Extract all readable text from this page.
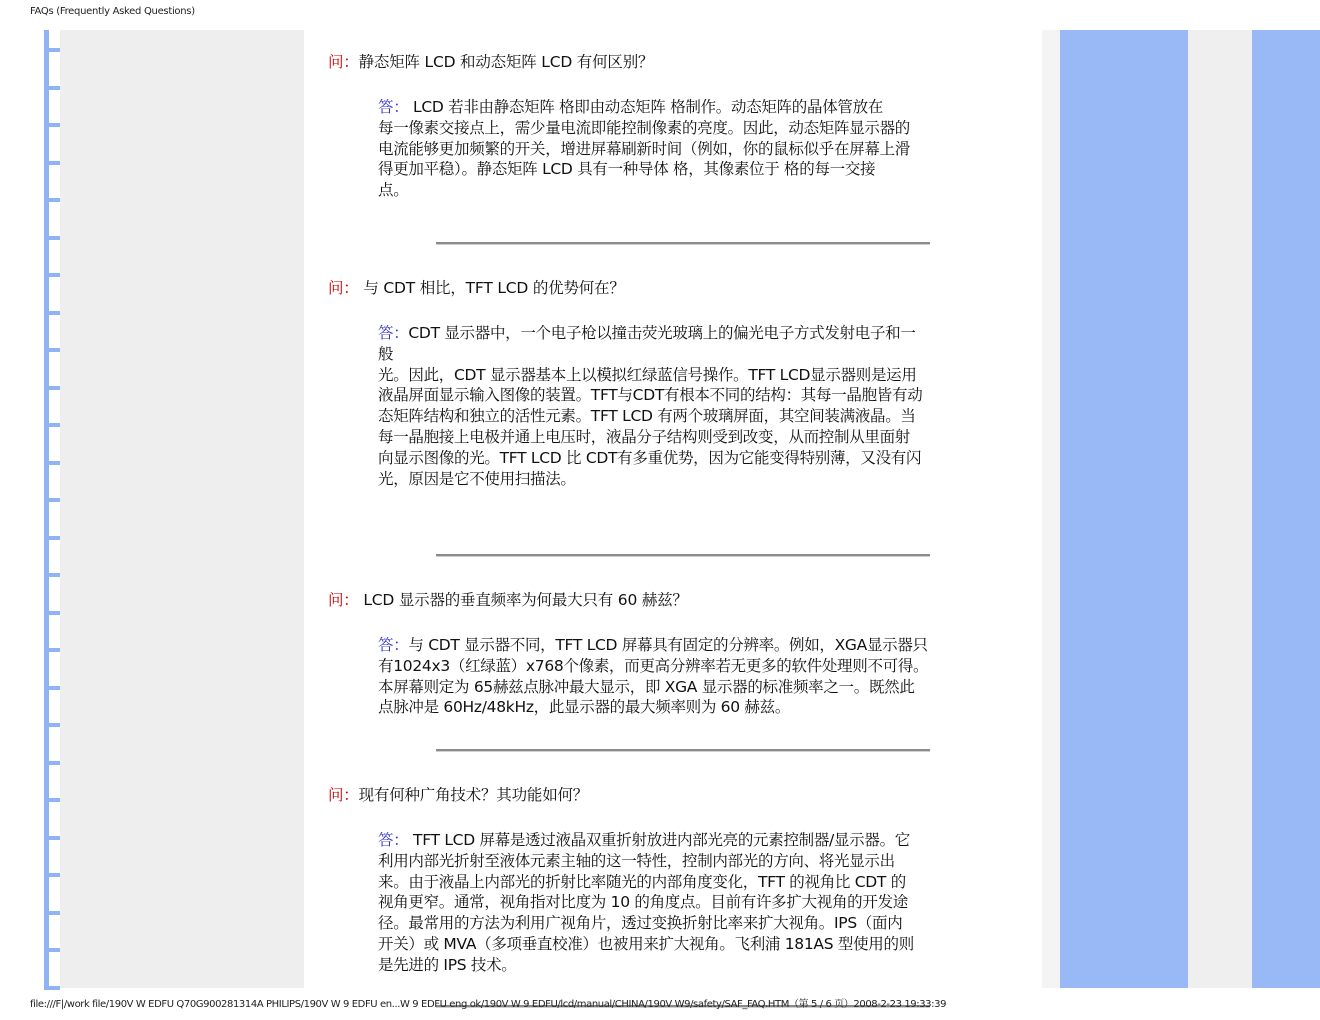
FAQs (Frequently Asked Questions)

问：静态矩阵 LCD 和动态矩阵 LCD 有何区别？

答： LCD 若非由静态矩阵 格即由动态矩阵 格制作。动态矩阵的晶体管放在
每一像素交接点上，需少量电流即能控制像素的亮度。因此，动态矩阵显示器的
电流能够更加频繁的开关，增进屏幕刷新时间（例如，你的鼠标似乎在屏幕上滑
得更加平稳）。静态矩阵 LCD 具有一种导体 格，其像素位于 格的每一交接
点。

问： 与 CDT 相比，TFT LCD 的优势何在？

答：CDT 显示器中，一个电子枪以撞击荧光玻璃上的偏光电子方式发射电子和一
般
光。因此，CDT 显示器基本上以模拟红绿蓝信号操作。TFT LCD显示器则是运用
液晶屏面显示输入图像的装置。TFT与CDT有根本不同的结构：其每一晶胞皆有动
态矩阵结构和独立的活性元素。TFT LCD 有两个玻璃屏面，其空间装满液晶。当
每一晶胞接上电极并通上电压时，液晶分子结构则受到改变，从而控制从里面射
向显示图像的光。TFT LCD 比 CDT有多重优势，因为它能变得特别薄，又没有闪
光，原因是它不使用扫描法。

问： LCD 显示器的垂直频率为何最大只有 60 赫兹？

答：与 CDT 显示器不同，TFT LCD 屏幕具有固定的分辨率。例如，XGA显示器只
有1024x3（红绿蓝）x768个像素，而更高分辨率若无更多的软件处理则不可得。
本屏幕则定为 65赫兹点脉冲最大显示，即 XGA 显示器的标准频率之一。既然此
点脉冲是 60Hz/48kHz，此显示器的最大频率则为 60 赫兹。

问：现有何种广角技术？其功能如何？

答： TFT LCD 屏幕是透过液晶双重折射放进内部光亮的元素控制器/显示器。它
利用内部光折射至液体元素主轴的这一特性，控制内部光的方向、将光显示出
来。由于液晶上内部光的折射比率随光的内部角度变化，TFT 的视角比 CDT 的
视角更窄。通常，视角指对比度为 10 的角度点。目前有许多扩大视角的开发途
径。最常用的方法为利用广视角片，透过变换折射比率来扩大视角。IPS（面内
开关）或 MVA（多项垂直校准）也被用来扩大视角。飞利浦 181AS 型使用的则
是先进的 IPS 技术。
file:///F|/work file/190V W EDFU Q70G900281314A PHILIPS/190V W 9 EDFU en...W 9 EDFU eng ok/190V W 9 EDFU/lcd/manual/CHINA/190V W9/safety/SAF_FAQ.HTM（第 5 / 6 页）2008-2-23 19:33:39
